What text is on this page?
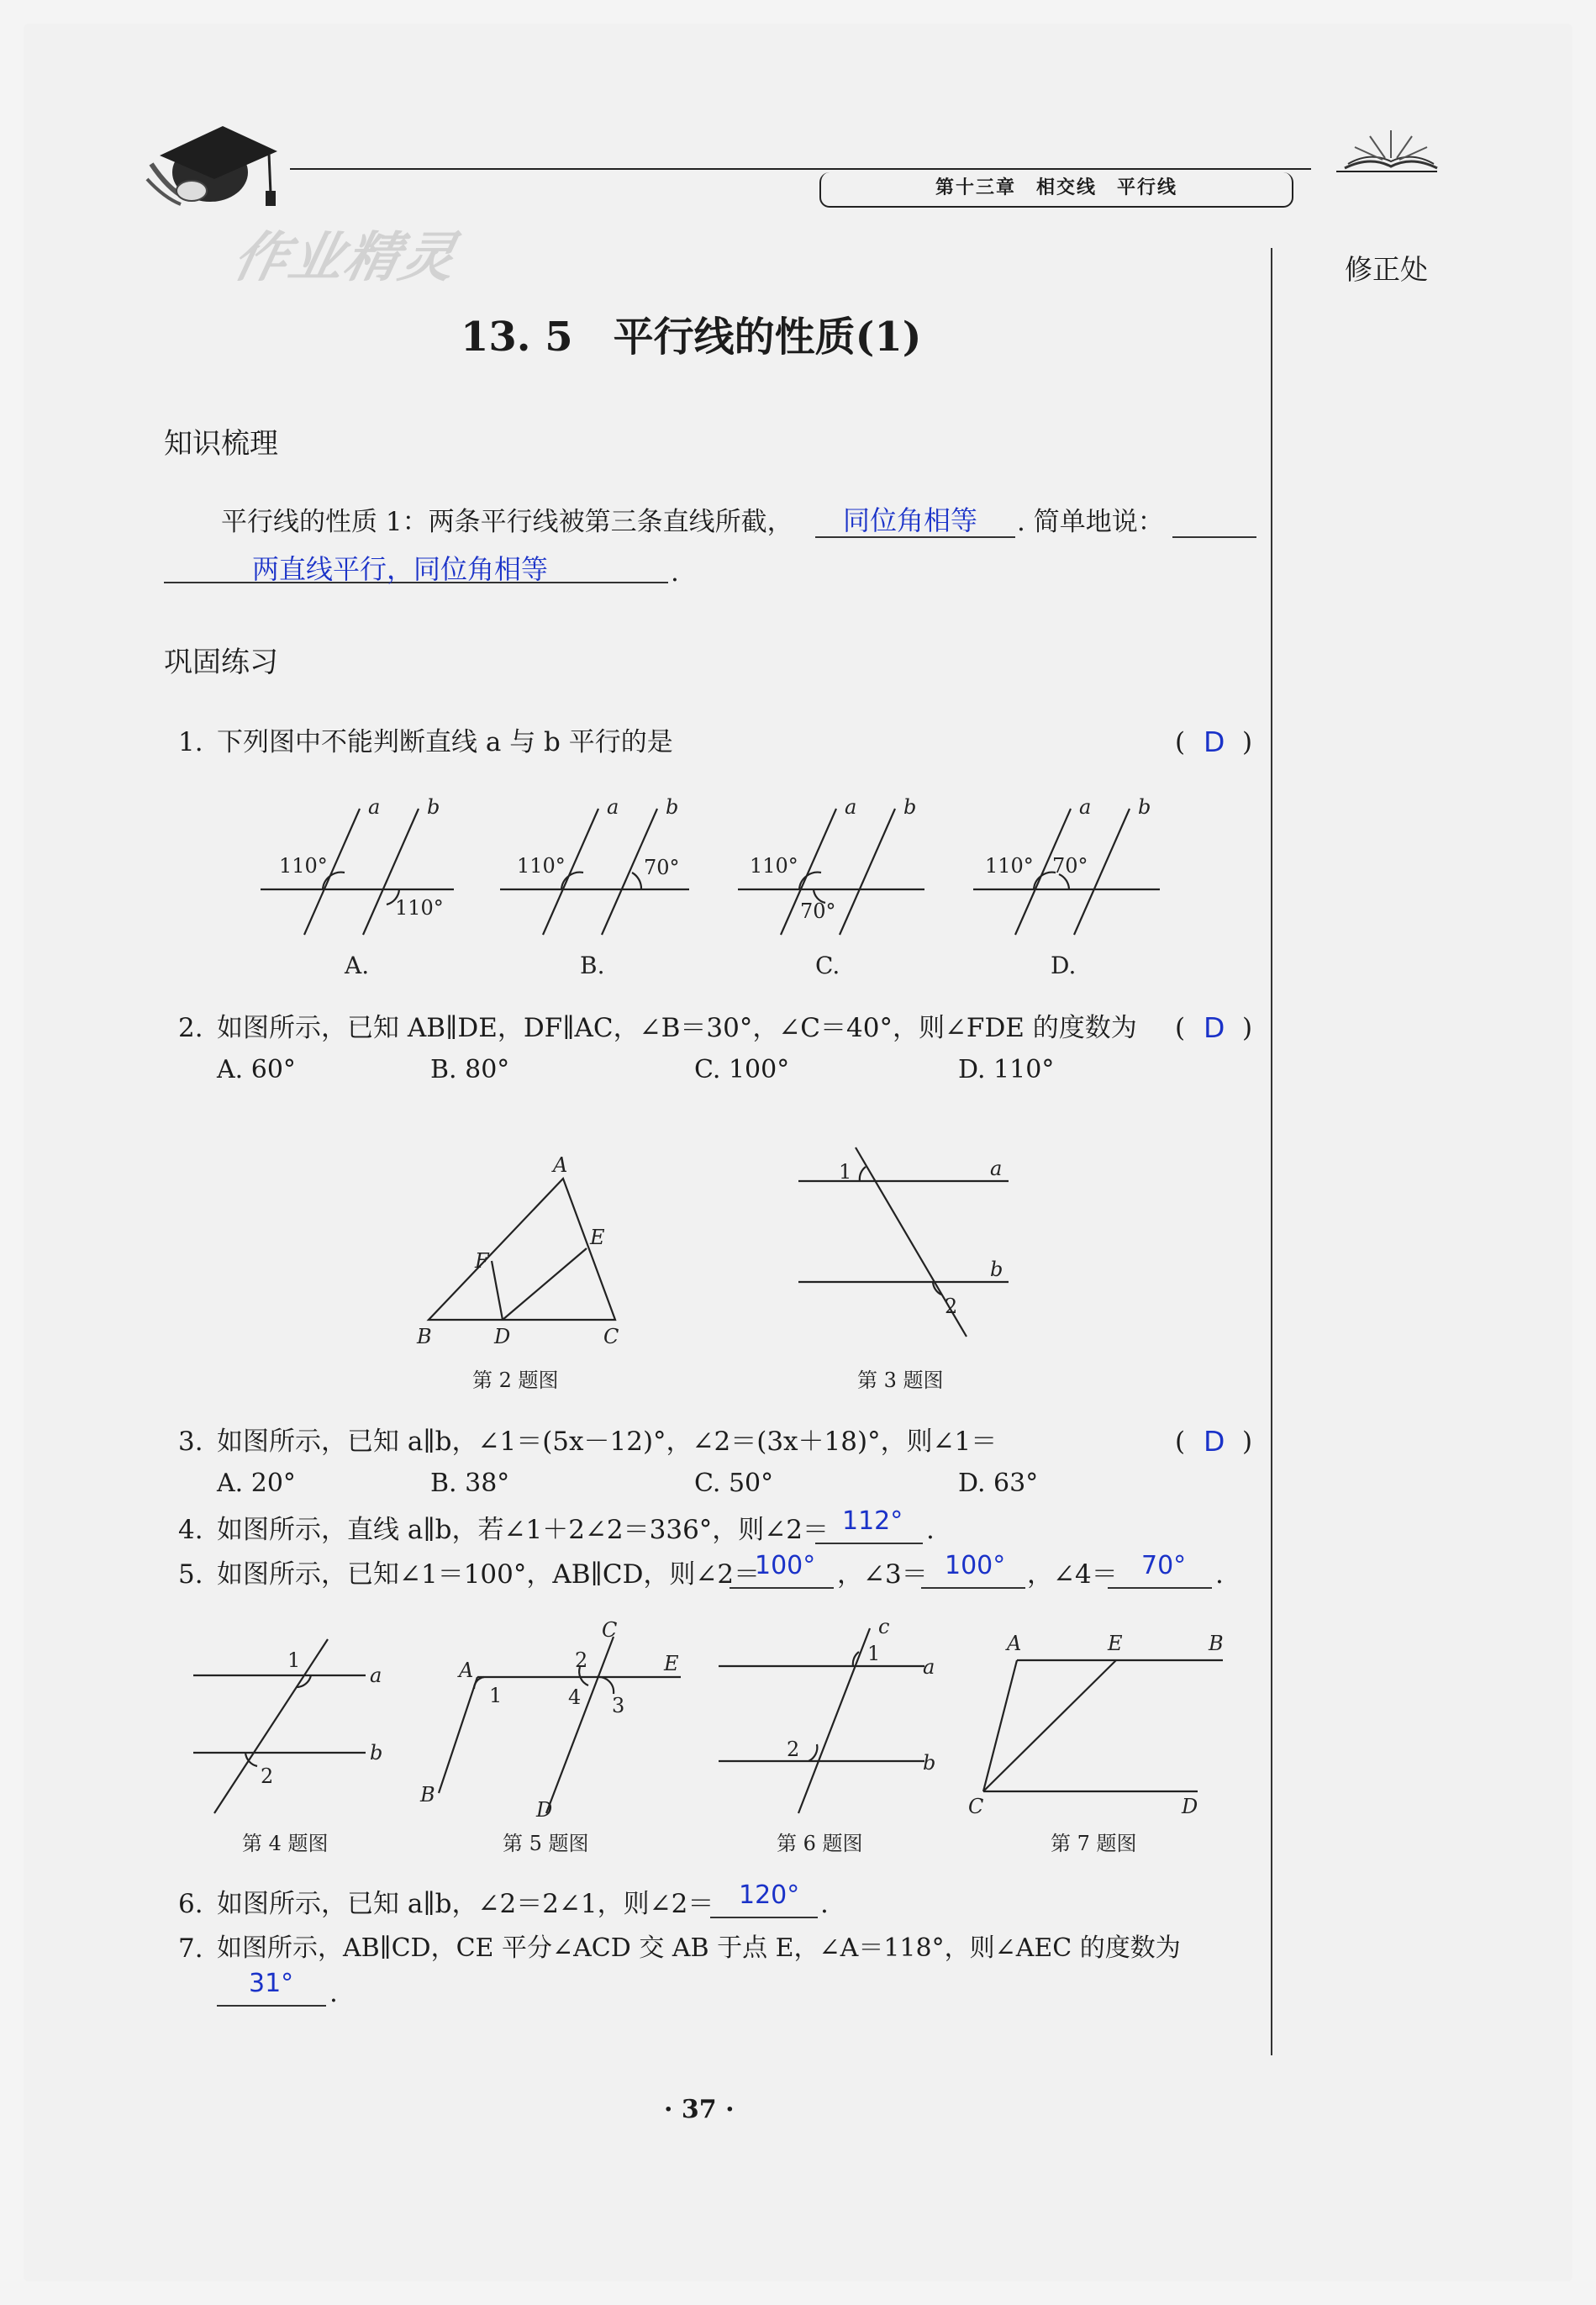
作业精灵
第十三章　相交线　平行线
修正处
13. 5　平行线的性质(1)
知识梳理
平行线的性质 1：两条平行线被第三条直线所截， 同位角相等 . 简单地说：
两直线平行，同位角相等	.
巩固练习
1. 下列图中不能判断直线 a 与 b 平行的是	( D )
a b
110°
110°
a b
110°	70°
a b
110°
70°
a b
110° 70°
A.	B.	C.	D.
2. 如图所示，已知 AB∥DE，DF∥AC，∠B＝30°，∠C＝40°，则∠FDE 的度数为 ( D )
A. 60°	B. 80°	C. 100°	D. 110°
A
B	C
D
E
F
第 2 题图
1
2
a
b
第 3 题图
3. 如图所示，已知 a∥b，∠1＝(5x－12)°，∠2＝(3x＋18)°，则∠1＝	( D )
A. 20°	B. 38°	C. 50°	D. 63°
4. 如图所示，直线 a∥b，若∠1＋2∠2＝336°，则∠2＝ 112° .
5. 如图所示，已知∠1＝100°，AB∥CD，则∠2＝
100° ，∠3＝ 100° ，∠4＝ 70° .
1
2
a
b
第 4 题图
A
B
C
D
E
1
2
3
4
第 5 题图
1
2
c
a
b
第 6 题图
A	E	B
C	D
第 7 题图
6. 如图所示，已知 a∥b，∠2＝2∠1，则∠2＝ 120° .
7. 如图所示，AB∥CD，CE 平分∠ACD 交 AB 于点 E，∠A＝118°，则∠AEC 的度数为
31° .
· 37 ·
